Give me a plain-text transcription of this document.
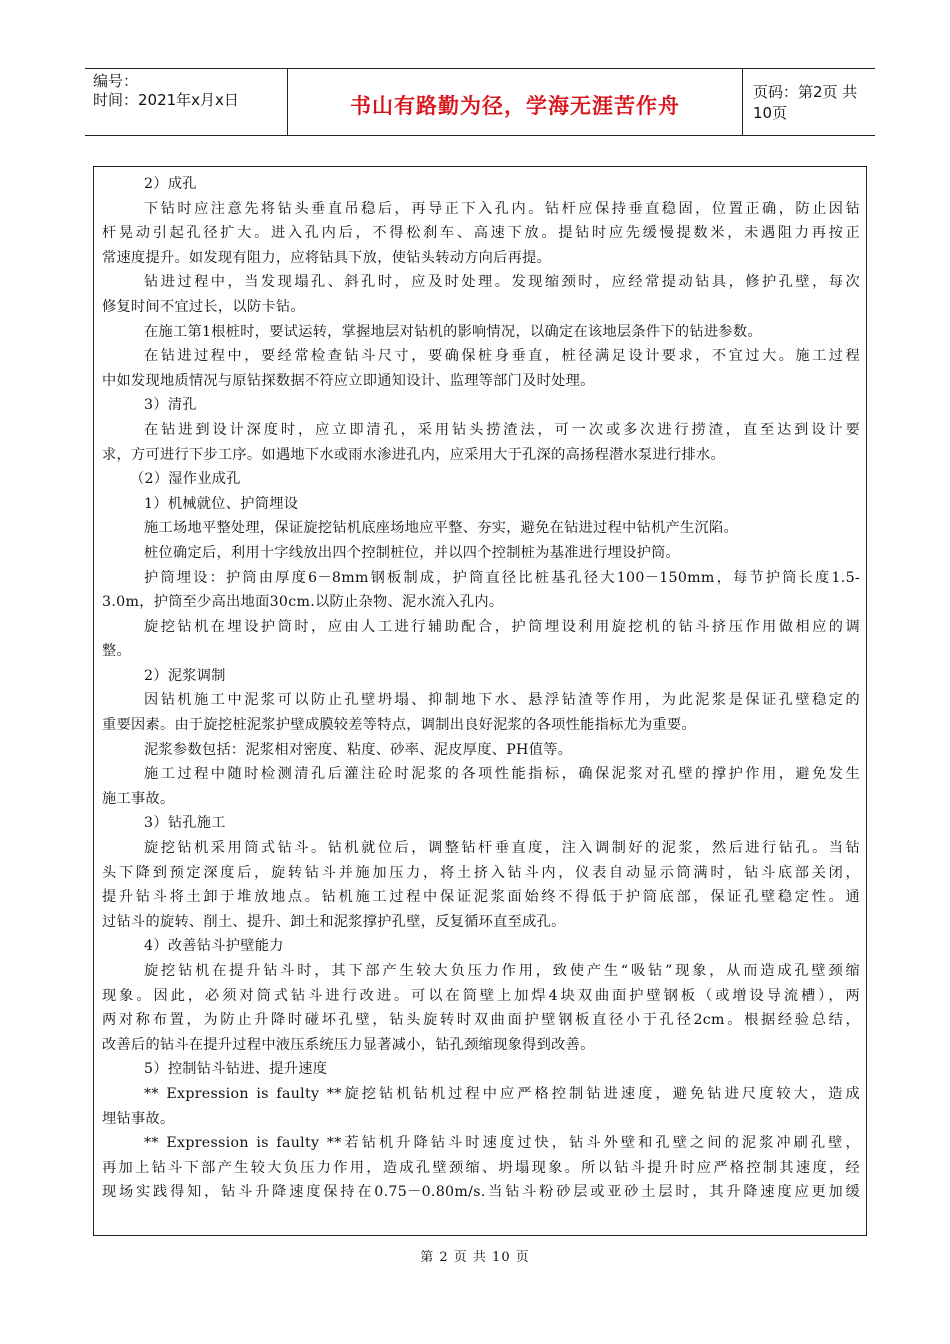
编号：
时间：2021年x月x日	书山有路勤为径，学海无涯苦作舟
页码：第2页 共10页
2）成孔
下钻时应注意先将钻头垂直吊稳后，再导正下入孔内。钻杆应保持垂直稳固，位置正确，防止因钻
杆晃动引起孔径扩大。进入孔内后，不得松刹车、高速下放。提钻时应先缓慢提数米，未遇阻力再按正
常速度提升。如发现有阻力，应将钻具下放，使钻头转动方向后再提。
钻进过程中，当发现塌孔、斜孔时，应及时处理。发现缩颈时，应经常提动钻具，修护孔壁，每次
修复时间不宜过长，以防卡钻。
在施工第1根桩时，要试运转，掌握地层对钻机的影响情况，以确定在该地层条件下的钻进参数。
在钻进过程中，要经常检查钻斗尺寸，要确保桩身垂直，桩径满足设计要求，不宜过大。施工过程
中如发现地质情况与原钻探数据不符应立即通知设计、监理等部门及时处理。
3）清孔
在钻进到设计深度时，应立即清孔，采用钻头捞渣法，可一次或多次进行捞渣，直至达到设计要
求，方可进行下步工序。如遇地下水或雨水渗进孔内，应采用大于孔深的高扬程潜水泵进行排水。
（2）湿作业成孔
1）机械就位、护筒埋设
施工场地平整处理，保证旋挖钻机底座场地应平整、夯实，避免在钻进过程中钻机产生沉陷。
桩位确定后，利用十字线放出四个控制桩位，并以四个控制桩为基准进行埋设护筒。
护筒埋设：护筒由厚度6－8mm钢板制成，护筒直径比桩基孔径大100－150mm，每节护筒长度1.5-
3.0m，护筒至少高出地面30cm.以防止杂物、泥水流入孔内。
旋挖钻机在埋设护筒时，应由人工进行辅助配合，护筒埋设利用旋挖机的钻斗挤压作用做相应的调
整。
2）泥浆调制
因钻机施工中泥浆可以防止孔壁坍塌、抑制地下水、悬浮钻渣等作用，为此泥浆是保证孔壁稳定的
重要因素。由于旋挖桩泥浆护壁成膜较差等特点，调制出良好泥浆的各项性能指标尤为重要。
泥浆参数包括：泥浆相对密度、粘度、砂率、泥皮厚度、PH值等。
施工过程中随时检测清孔后灌注砼时泥浆的各项性能指标，确保泥浆对孔壁的撑护作用，避免发生
施工事故。
3）钻孔施工
旋挖钻机采用筒式钻斗。钻机就位后，调整钻杆垂直度，注入调制好的泥浆，然后进行钻孔。当钻
头下降到预定深度后，旋转钻斗并施加压力，将土挤入钻斗内，仪表自动显示筒满时，钻斗底部关闭，
提升钻斗将土卸于堆放地点。钻机施工过程中保证泥浆面始终不得低于护筒底部，保证孔壁稳定性。通
过钻斗的旋转、削土、提升、卸土和泥浆撑护孔壁，反复循环直至成孔。
4）改善钻斗护壁能力
旋挖钻机在提升钻斗时，其下部产生较大负压力作用，致使产生“吸钻”现象，从而造成孔壁颈缩
现象。因此，必须对筒式钻斗进行改进。可以在筒壁上加焊4块双曲面护壁钢板（或增设导流槽），两
两对称布置，为防止升降时碰坏孔壁，钻头旋转时双曲面护壁钢板直径小于孔径2cm。根据经验总结，
改善后的钻斗在提升过程中液压系统压力显著减小，钻孔颈缩现象得到改善。
5）控制钻斗钻进、提升速度
** Expression is faulty **旋挖钻机钻机过程中应严格控制钻进速度，避免钻进尺度较大，造成
埋钻事故。
** Expression is faulty **若钻机升降钻斗时速度过快，钻斗外壁和孔壁之间的泥浆冲刷孔壁，
再加上钻斗下部产生较大负压力作用，造成孔壁颈缩、坍塌现象。所以钻斗提升时应严格控制其速度，经
现场实践得知，钻斗升降速度保持在0.75－0.80m/s.当钻斗粉砂层或亚砂土层时，其升降速度应更加缓
第 2 页 共 10 页
